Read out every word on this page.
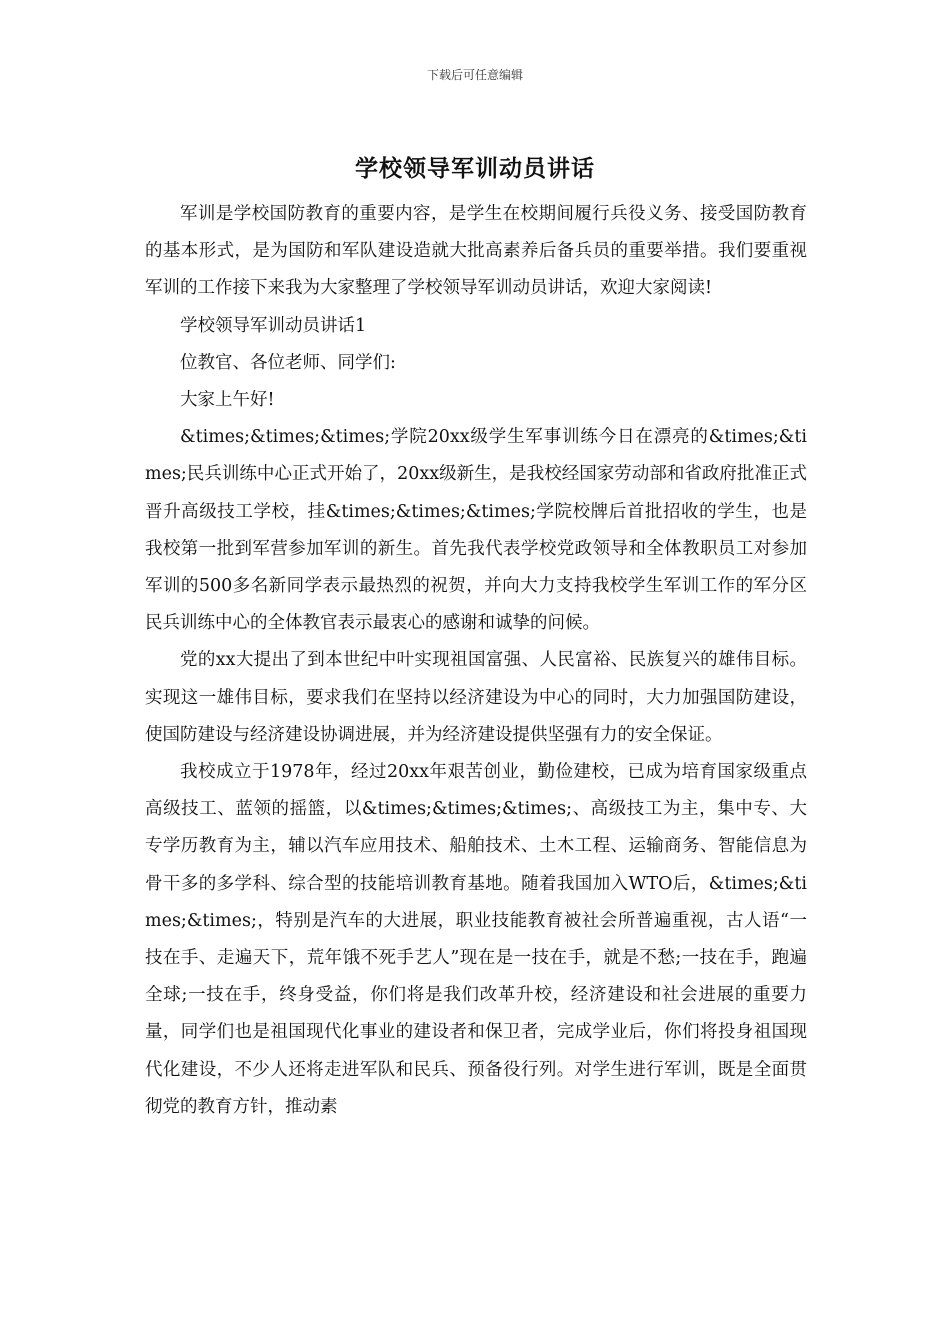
下载后可任意编辑
学校领导军训动员讲话

军训是学校国防教育的重要内容，是学生在校期间履行兵役义务、接受国防教育的基本形式，是为国防和军队建设造就大批高素养后备兵员的重要举措。我们要重视军训的工作接下来我为大家整理了学校领导军训动员讲话，欢迎大家阅读!

学校领导军训动员讲话1

位教官、各位老师、同学们:

大家上午好!

&times;&times;&times;学院20xx级学生军事训练今日在漂亮的&times;&times;民兵训练中心正式开始了，20xx级新生，是我校经国家劳动部和省政府批准正式晋升高级技工学校，挂&times;&times;&times;学院校牌后首批招收的学生，也是我校第一批到军营参加军训的新生。首先我代表学校党政领导和全体教职员工对参加军训的500多名新同学表示最热烈的祝贺，并向大力支持我校学生军训工作的军分区民兵训练中心的全体教官表示最衷心的感谢和诚挚的问候。

党的xx大提出了到本世纪中叶实现祖国富强、人民富裕、民族复兴的雄伟目标。实现这一雄伟目标，要求我们在坚持以经济建设为中心的同时，大力加强国防建设，使国防建设与经济建设协调进展，并为经济建设提供坚强有力的安全保证。

我校成立于1978年，经过20xx年艰苦创业，勤俭建校，已成为培育国家级重点高级技工、蓝领的摇篮，以&times;&times;&times;、高级技工为主，集中专、大专学历教育为主，辅以汽车应用技术、船舶技术、土木工程、运输商务、智能信息为骨干多的多学科、综合型的技能培训教育基地。随着我国加入WTO后，&times;&times;&times;，特别是汽车的大进展，职业技能教育被社会所普遍重视，古人语“一技在手、走遍天下，荒年饿不死手艺人”现在是一技在手，就是不愁;一技在手，跑遍全球;一技在手，终身受益，你们将是我们改革升校，经济建设和社会进展的重要力量，同学们也是祖国现代化事业的建设者和保卫者，完成学业后，你们将投身祖国现代化建设，不少人还将走进军队和民兵、预备役行列。对学生进行军训，既是全面贯彻党的教育方针，推动素
